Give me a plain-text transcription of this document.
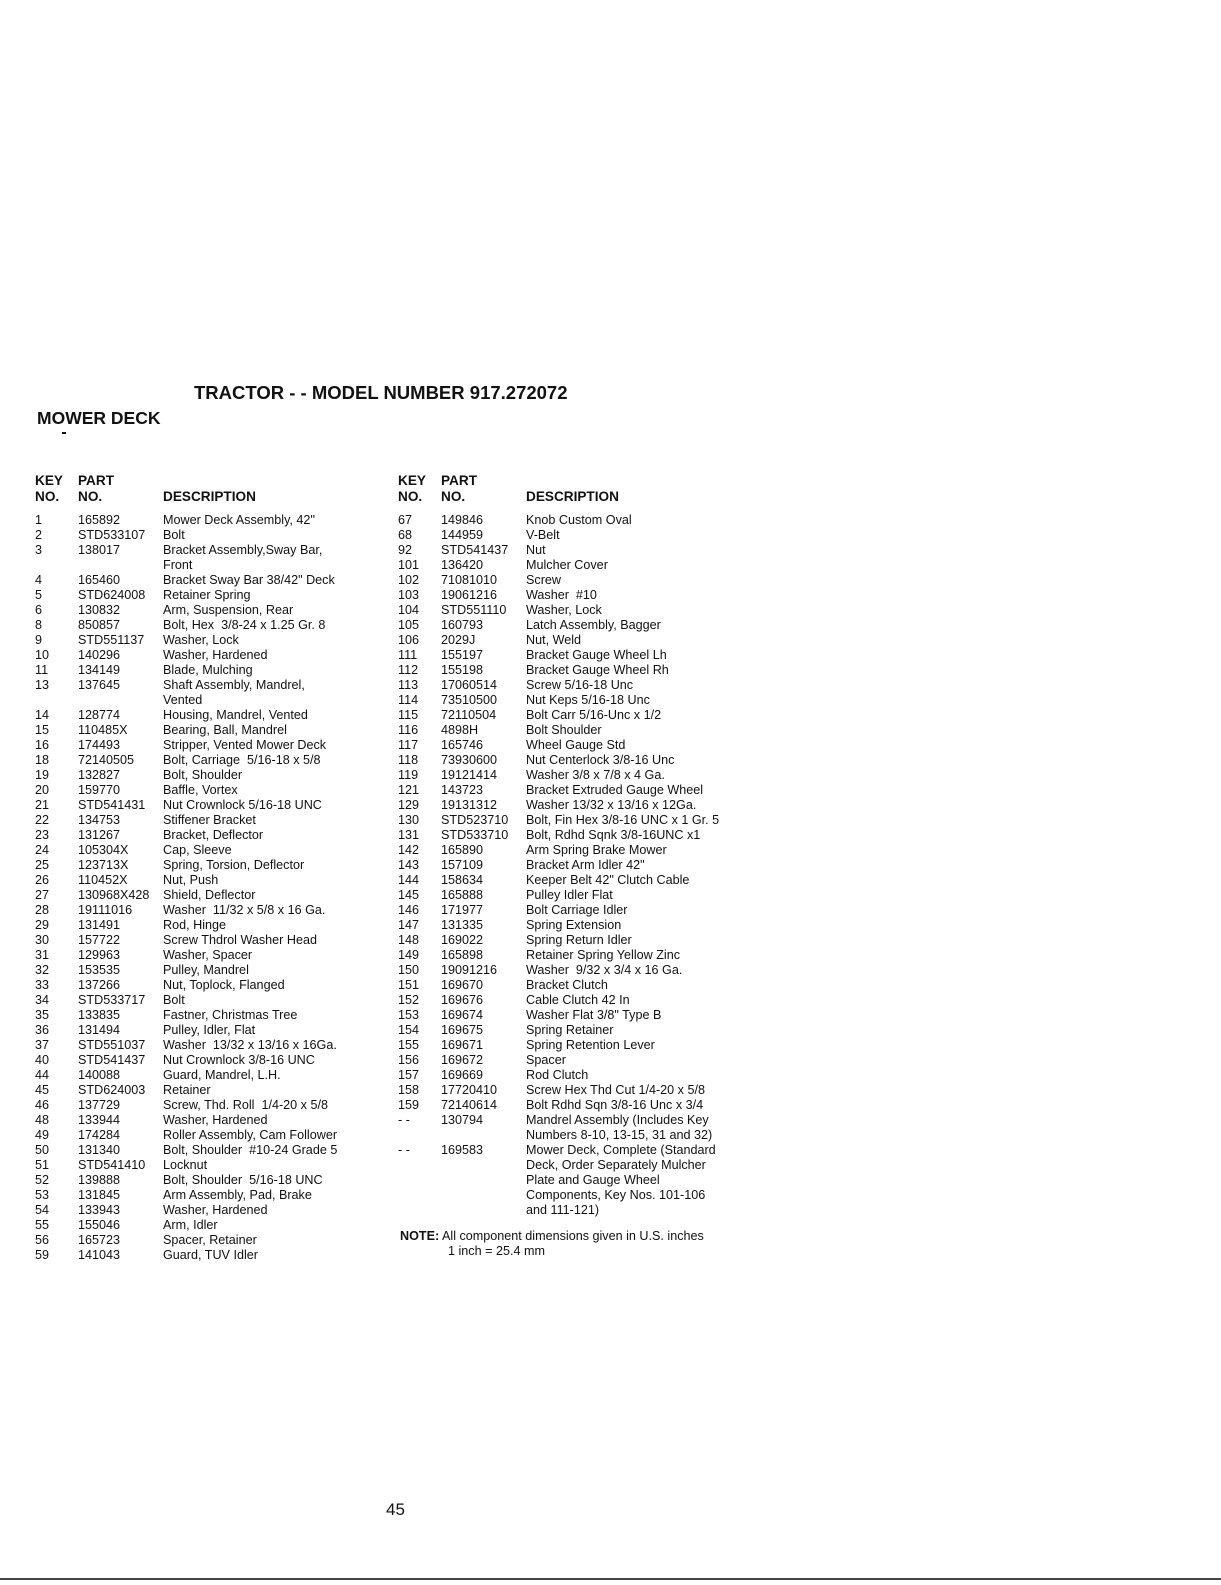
TRACTOR - - MODEL NUMBER 917.272072
MOWER DECK
KEY
NO.
PART
NO.	DESCRIPTION
1	165892	Mower Deck Assembly, 42"
2	STD533107 Bolt
3	138017	Bracket Assembly,Sway Bar,
Front
4	165460	Bracket Sway Bar 38/42" Deck
5	STD624008 Retainer Spring
6	130832	Arm, Suspension, Rear
8	850857	Bolt, Hex  3/8-24 x 1.25 Gr. 8
9	STD551137 Washer, Lock
10 140296	Washer, Hardened
11 134149	Blade, Mulching
13 137645	Shaft Assembly, Mandrel,
Vented
14 128774	Housing, Mandrel, Vented
15 110485X	Bearing, Ball, Mandrel
16 174493	Stripper, Vented Mower Deck
18 72140505 Bolt, Carriage  5/16-18 x 5/8
19 132827	Bolt, Shoulder
20 159770	Baffle, Vortex
21 STD541431 Nut Crownlock 5/16-18 UNC
22 134753	Stiffener Bracket
23 131267	Bracket, Deflector
24 105304X	Cap, Sleeve
25 123713X	Spring, Torsion, Deflector
26 110452X	Nut, Push
27 130968X428 Shield, Deflector
28 19111016 Washer  11/32 x 5/8 x 16 Ga.
29 131491	Rod, Hinge
30 157722	Screw Thdrol Washer Head
31 129963	Washer, Spacer
32 153535	Pulley, Mandrel
33 137266	Nut, Toplock, Flanged
34 STD533717 Bolt
35 133835	Fastner, Christmas Tree
36 131494	Pulley, Idler, Flat
37 STD551037 Washer  13/32 x 13/16 x 16Ga.
40 STD541437 Nut Crownlock 3/8-16 UNC
44 140088	Guard, Mandrel, L.H.
45 STD624003 Retainer
46 137729	Screw, Thd. Roll  1/4-20 x 5/8
48 133944	Washer, Hardened
49 174284	Roller Assembly, Cam Follower
50 131340	Bolt, Shoulder  #10-24 Grade 5
51 STD541410 Locknut
52 139888	Bolt, Shoulder  5/16-18 UNC
53 131845	Arm Assembly, Pad, Brake
54 133943	Washer, Hardened
55 155046	Arm, Idler
56 165723	Spacer, Retainer
59 141043	Guard, TUV Idler
KEY
NO.
PART
NO.	DESCRIPTION
67 149846	Knob Custom Oval
68 144959	V-Belt
92 STD541437 Nut
101 136420	Mulcher Cover
102 71081010 Screw
103 19061216 Washer  #10
104 STD551110 Washer, Lock
105 160793	Latch Assembly, Bagger
106 2029J	Nut, Weld
111 155197	Bracket Gauge Wheel Lh
112 155198	Bracket Gauge Wheel Rh
113 17060514 Screw 5/16-18 Unc
114 73510500 Nut Keps 5/16-18 Unc
115 72110504 Bolt Carr 5/16-Unc x 1/2
116 4898H	Bolt Shoulder
117 165746	Wheel Gauge Std
118 73930600 Nut Centerlock 3/8-16 Unc
119 19121414 Washer 3/8 x 7/8 x 4 Ga.
121 143723	Bracket Extruded Gauge Wheel
129 19131312 Washer 13/32 x 13/16 x 12Ga.
130 STD523710 Bolt, Fin Hex 3/8-16 UNC x 1 Gr. 5
131 STD533710 Bolt, Rdhd Sqnk 3/8-16UNC x1
142 165890	Arm Spring Brake Mower
143 157109	Bracket Arm Idler 42"
144 158634	Keeper Belt 42" Clutch Cable
145 165888	Pulley Idler Flat
146 171977	Bolt Carriage Idler
147 131335	Spring Extension
148 169022	Spring Return Idler
149 165898	Retainer Spring Yellow Zinc
150 19091216 Washer  9/32 x 3/4 x 16 Ga.
151 169670	Bracket Clutch
152 169676	Cable Clutch 42 In
153 169674	Washer Flat 3/8" Type B
154 169675	Spring Retainer
155 169671	Spring Retention Lever
156 169672	Spacer
157 169669	Rod Clutch
158 17720410 Screw Hex Thd Cut 1/4-20 x 5/8
159 72140614 Bolt Rdhd Sqn 3/8-16 Unc x 3/4
- - 130794	Mandrel Assembly (Includes Key
Numbers 8-10, 13-15, 31 and 32)
- - 169583	Mower Deck, Complete (Standard
Deck, Order Separately Mulcher
Plate and Gauge Wheel
Components, Key Nos. 101-106
and 111-121)
NOTE: All component dimensions given in U.S. inches
1 inch = 25.4 mm
45
